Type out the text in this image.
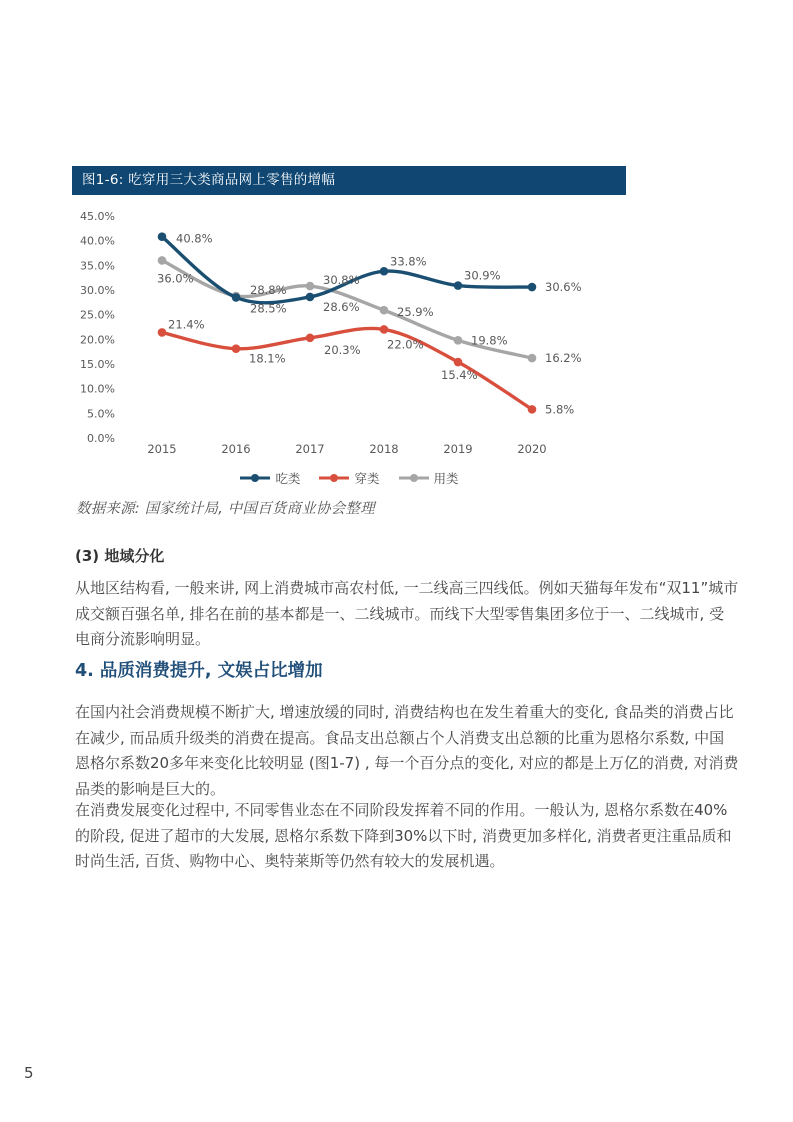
图1-6: 吃穿用三大类商品网上零售的增幅
45.0%
40.0%
35.0%
30.0%
25.0%
20.0%
15.0%
10.0%
5.0%
0.0%
2015	2016	2017	2018	2019	2020
40.8%
28.5%	28.6%
33.8%
30.9%
30.6%
21.4%
18.1%
20.3% 22.0%
15.4%
5.8%
36.0%
28.8%
30.8%
25.9%
19.8%
16.2%
吃类	穿类	用类
数据来源: 国家统计局, 中国百货商业协会整理
(3) 地域分化
从地区结构看, 一般来讲, 网上消费城市高农村低, 一二线高三四线低。例如天猫每年发布“双11”城市成交额百强名单, 排名在前的基本都是一、二线城市。而线下大型零售集团多位于一、二线城市, 受电商分流影响明显。
4. 品质消费提升, 文娱占比增加
在国内社会消费规模不断扩大, 增速放缓的同时, 消费结构也在发生着重大的变化, 食品类的消费占比在减少, 而品质升级类的消费在提高。食品支出总额占个人消费支出总额的比重为恩格尔系数, 中国恩格尔系数20多年来变化比较明显 (图1-7) , 每一个百分点的变化, 对应的都是上万亿的消费, 对消费品类的影响是巨大的。
在消费发展变化过程中, 不同零售业态在不同阶段发挥着不同的作用。一般认为, 恩格尔系数在40%的阶段, 促进了超市的大发展, 恩格尔系数下降到30%以下时, 消费更加多样化, 消费者更注重品质和时尚生活, 百货、购物中心、奥特莱斯等仍然有较大的发展机遇。
5
